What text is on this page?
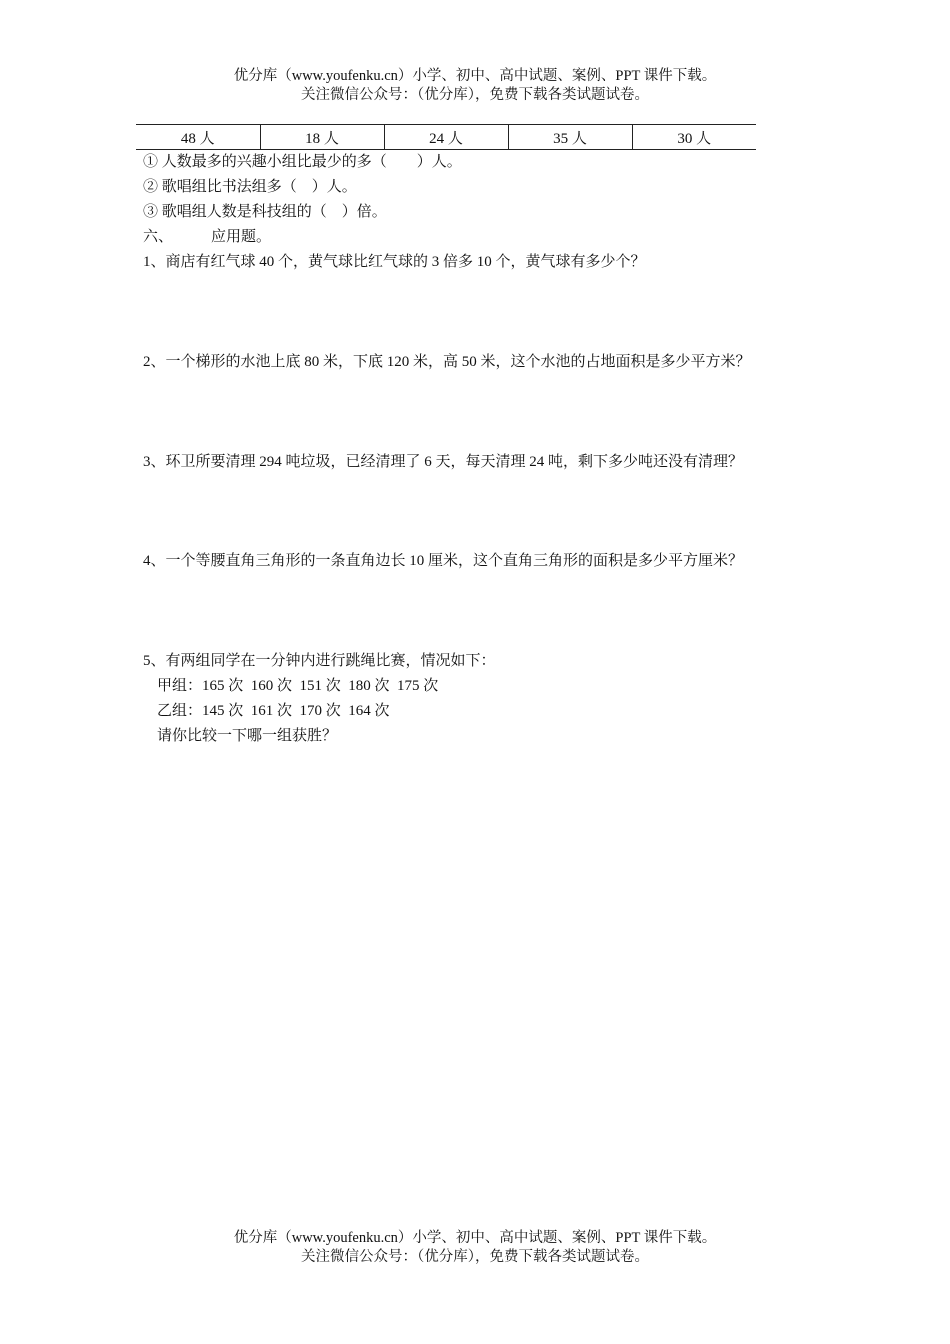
优分库（www.youfenku.cn）小学、初中、高中试题、案例、PPT 课件下载。
关注微信公众号：（优分库），免费下载各类试题试卷。
48 人	18 人	24 人	35 人	30 人
① 人数最多的兴趣小组比最少的多（　　）人。
② 歌唱组比书法组多（　）人。
③ 歌唱组人数是科技组的（　）倍。
六、	应用题。
1、商店有红气球 40 个，黄气球比红气球的 3 倍多 10 个，黄气球有多少个？
2、一个梯形的水池上底 80 米，下底 120 米，高 50 米，这个水池的占地面积是多少平方米？
3、环卫所要清理 294 吨垃圾，已经清理了 6 天，每天清理 24 吨，剩下多少吨还没有清理？
4、一个等腰直角三角形的一条直角边长 10 厘米，这个直角三角形的面积是多少平方厘米？
5、有两组同学在一分钟内进行跳绳比赛，情况如下：
甲组：165 次  160 次  151 次  180 次  175 次
乙组：145 次  161 次  170 次  164 次
请你比较一下哪一组获胜？
优分库（www.youfenku.cn）小学、初中、高中试题、案例、PPT 课件下载。
关注微信公众号：（优分库），免费下载各类试题试卷。
